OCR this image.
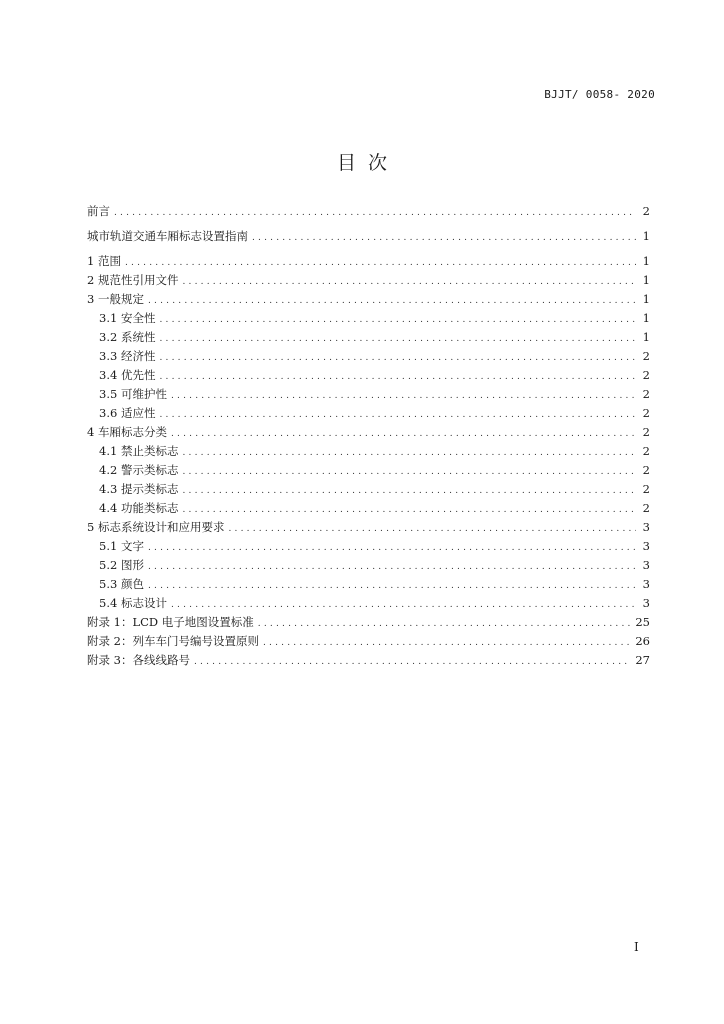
BJJT/ 0058- 2020
目次
前言 .....	2
城市轨道交通车厢标志设置指南 .....	1
1 范围 .....	1
2 规范性引用文件 .....	1
3 一般规定 .....	1
3.1 安全性 .....	1
3.2 系统性 .....	1
3.3 经济性 .....	2
3.4 优先性 .....	2
3.5 可维护性 .....	2
3.6 适应性 .....	2
4 车厢标志分类 .....	2
4.1 禁止类标志 .....	2
4.2 警示类标志 .....	2
4.3 提示类标志 .....	2
4.4 功能类标志 .....	2
5 标志系统设计和应用要求 .....	3
5.1 文字 .....	3
5.2 图形 .....	3
5.3 颜色 .....	3
5.4 标志设计 .....	3
附录 1：LCD 电子地图设置标准 .....	25
附录 2：列车车门号编号设置原则 .....	26
附录 3：各线线路号 .....	27
I
